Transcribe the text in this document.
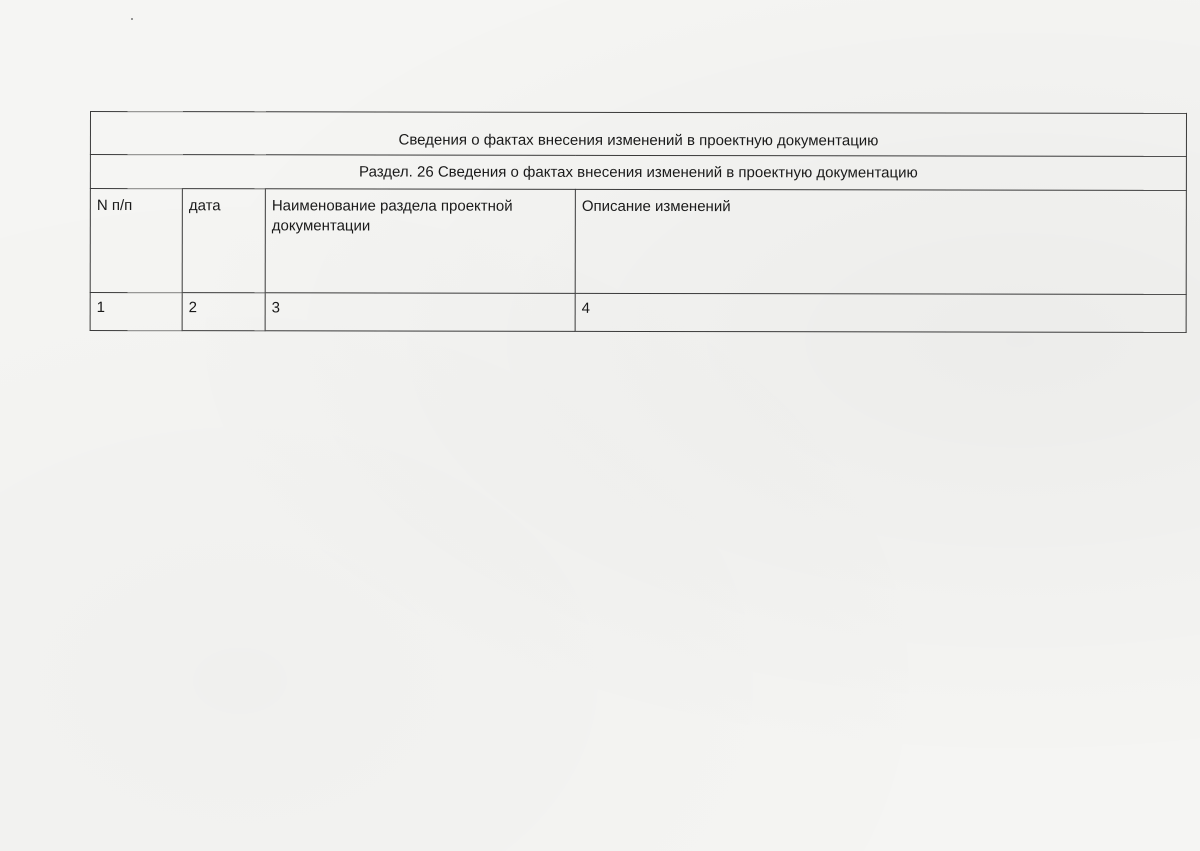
Сведения о фактах внесения изменений в проектную документацию			
Раздел. 26 Сведения о фактах внесения изменений в проектную документацию			
N п/п	дата	Наименование раздела проектной документации	Описание изменений
1	2	3	4
